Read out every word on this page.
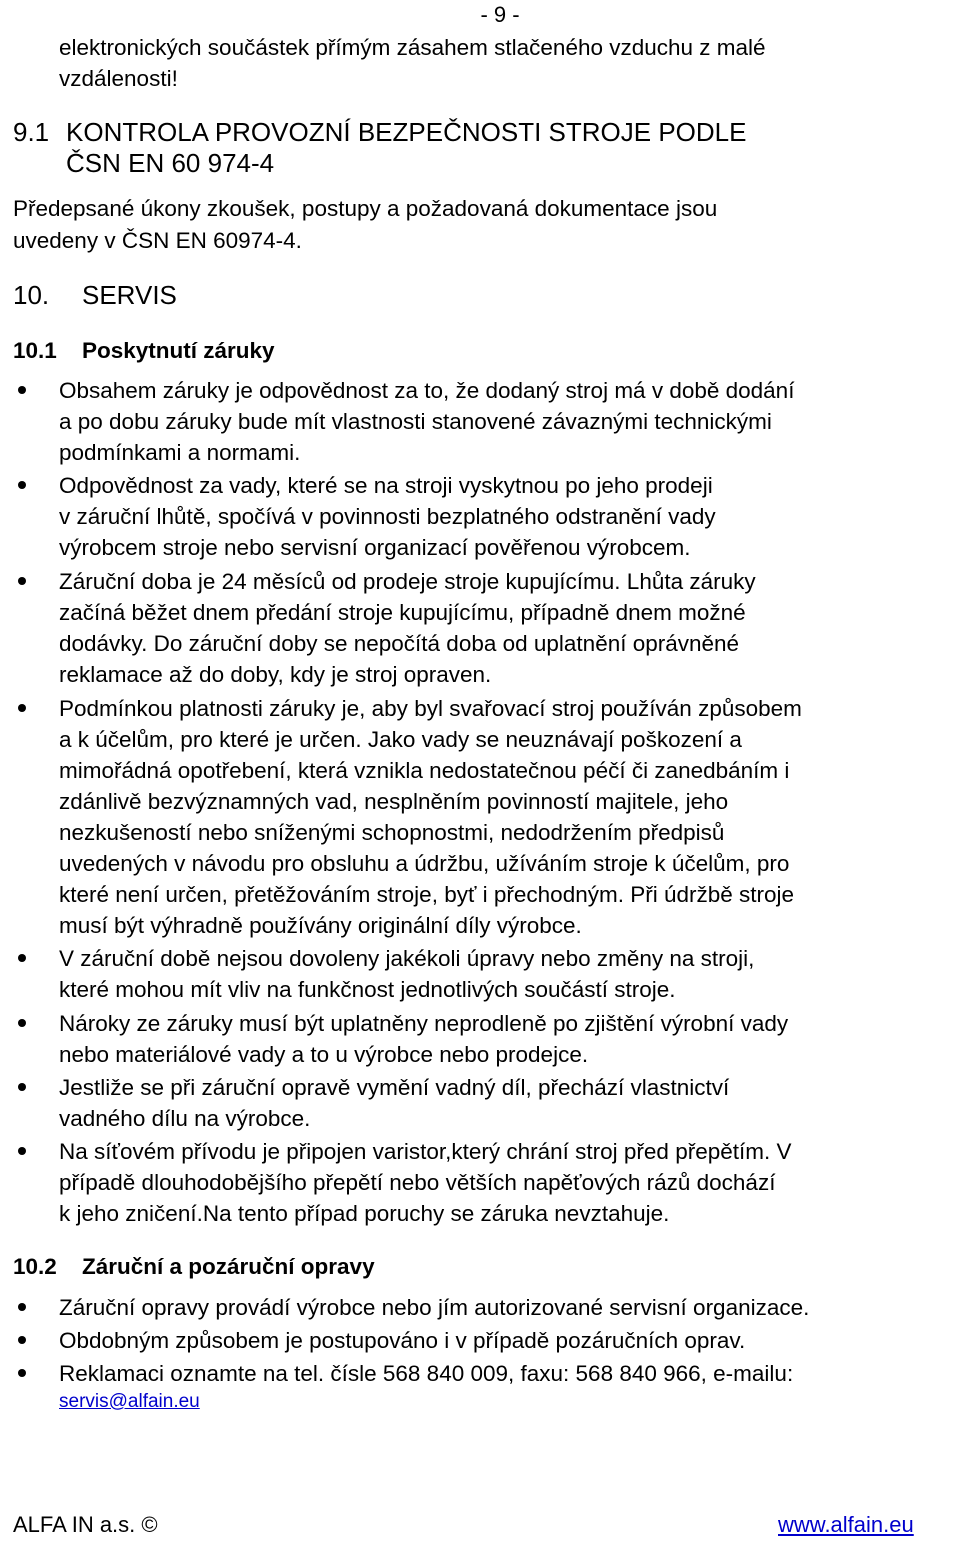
- 9 -
elektronických součástek přímým zásahem stlačeného vzduchu z malé
vzdálenosti!
9.1 KONTROLA PROVOZNÍ BEZPEČNOSTI STROJE PODLE
ČSN EN 60 974-4
Předepsané úkony zkoušek, postupy a požadovaná dokumentace jsou
uvedeny v ČSN EN 60974-4.
10. SERVIS
10.1 Poskytnutí záruky
Obsahem záruky je odpovědnost za to, že dodaný stroj má v době dodání
a po dobu záruky bude mít vlastnosti stanovené závaznými technickými
podmínkami a normami.
Odpovědnost za vady, které se na stroji vyskytnou po jeho prodeji
v záruční lhůtě, spočívá v povinnosti bezplatného odstranění vady
výrobcem stroje nebo servisní organizací pověřenou výrobcem.
Záruční doba je 24 měsíců od prodeje stroje kupujícímu. Lhůta záruky
začíná běžet dnem předání stroje kupujícímu, případně dnem možné
dodávky. Do záruční doby se nepočítá doba od uplatnění oprávněné
reklamace až do doby, kdy je stroj opraven.
Podmínkou platnosti záruky je, aby byl svařovací stroj používán způsobem
a k účelům, pro které je určen. Jako vady se neuznávají poškození a
mimořádná opotřebení, která vznikla nedostatečnou péčí či zanedbáním i
zdánlivě bezvýznamných vad, nesplněním povinností majitele, jeho
nezkušeností nebo sníženými schopnostmi, nedodržením předpisů
uvedených v návodu pro obsluhu a údržbu, užíváním stroje k účelům, pro
které není určen, přetěžováním stroje, byť i přechodným. Při údržbě stroje
musí být výhradně používány originální díly výrobce.
V záruční době nejsou dovoleny jakékoli úpravy nebo změny na stroji,
které mohou mít vliv na funkčnost jednotlivých součástí stroje.
Nároky ze záruky musí být uplatněny neprodleně po zjištění výrobní vady
nebo materiálové vady a to u výrobce nebo prodejce.
Jestliže se při záruční opravě vymění vadný díl, přechází vlastnictví
vadného dílu na výrobce.
Na síťovém přívodu je připojen varistor,který chrání stroj před přepětím. V
případě dlouhodobějšího přepětí nebo větších napěťových rázů dochází
k jeho zničení.Na tento případ poruchy se záruka nevztahuje.
10.2 Záruční a pozáruční opravy
Záruční opravy provádí výrobce nebo jím autorizované servisní organizace.
Obdobným způsobem je postupováno i v případě pozáručních oprav.
Reklamaci oznamte na tel. čísle 568 840 009, faxu: 568 840 966, e-mailu:
servis@alfain.eu
ALFA IN a.s. ©	www.alfain.eu
